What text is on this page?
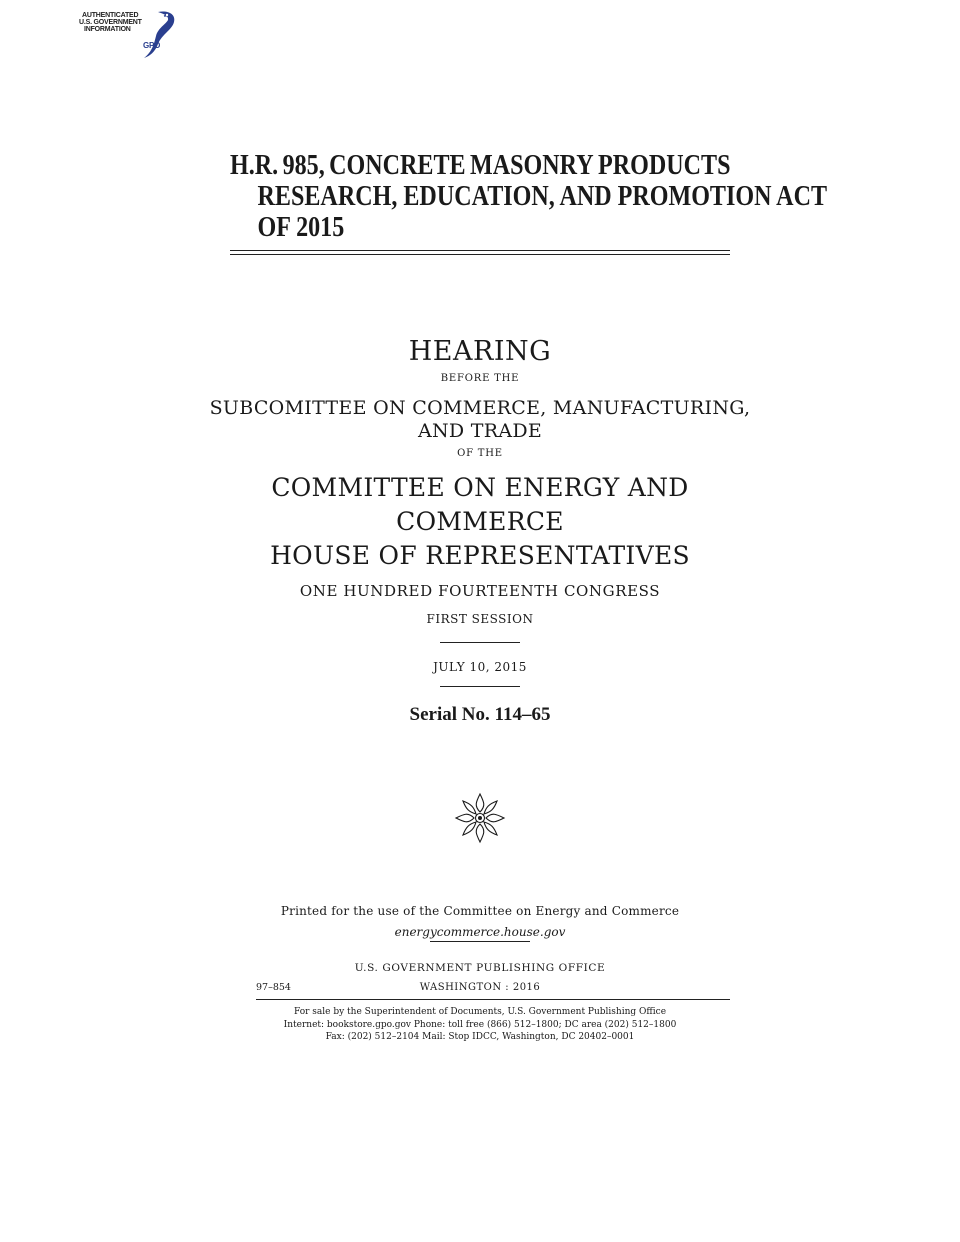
AUTHENTICATED
U.S. GOVERNMENT
INFORMATION
GPO
H.R. 985, CONCRETE MASONRY PRODUCTS
RESEARCH, EDUCATION, AND PROMOTION ACT
OF 2015
HEARING
BEFORE THE
SUBCOMITTEE ON COMMERCE, MANUFACTURING,
AND TRADE
OF THE
COMMITTEE ON ENERGY AND
COMMERCE
HOUSE OF REPRESENTATIVES
ONE HUNDRED FOURTEENTH CONGRESS
FIRST SESSION
JULY 10, 2015
Serial No. 114–65
Printed for the use of the Committee on Energy and Commerce
energycommerce.house.gov
U.S. GOVERNMENT PUBLISHING OFFICE
97–854	WASHINGTON : 2016
For sale by the Superintendent of Documents, U.S. Government Publishing Office
Internet: bookstore.gpo.gov Phone: toll free (866) 512–1800; DC area (202) 512–1800
Fax: (202) 512–2104 Mail: Stop IDCC, Washington, DC 20402–0001
